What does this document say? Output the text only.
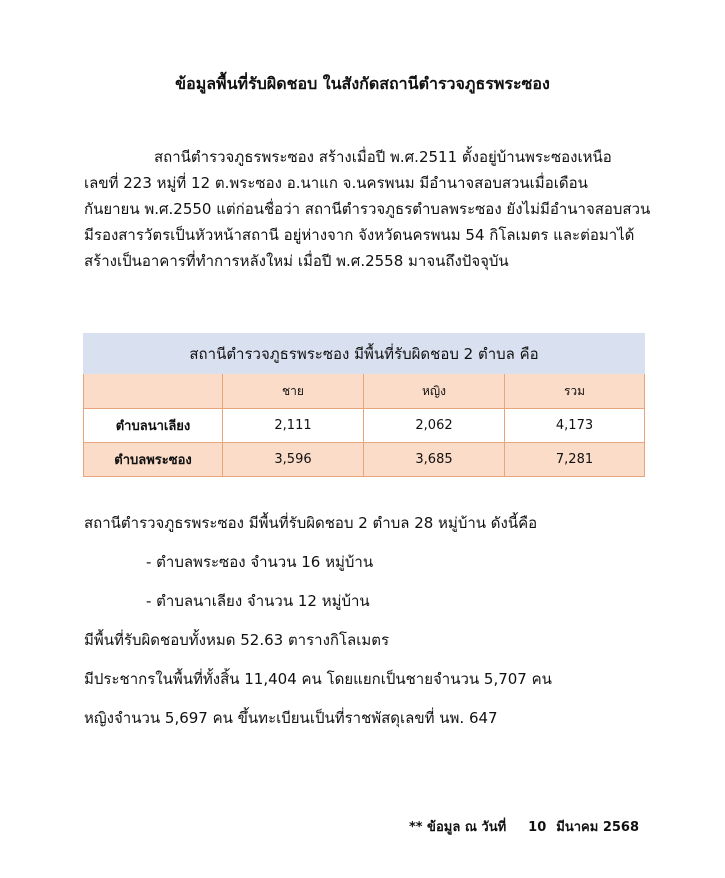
ข้อมูลพื้นที่รับผิดชอบ ในสังกัดสถานีตำรวจภูธรพระซอง
สถานีตำรวจภูธรพระซอง สร้างเมื่อปี พ.ศ.2511 ตั้งอยู่บ้านพระซองเหนือ
เลขที่ 223 หมู่ที่ 12 ต.พระซอง อ.นาแก จ.นครพนม มีอำนาจสอบสวนเมื่อเดือน
กันยายน พ.ศ.2550 แต่ก่อนชื่อว่า สถานีตำรวจภูธรตำบลพระซอง ยังไม่มีอำนาจสอบสวน
มีรองสารวัตรเป็นหัวหน้าสถานี อยู่ห่างจาก จังหวัดนครพนม 54 กิโลเมตร และต่อมาได้
สร้างเป็นอาคารที่ทำการหลังใหม่ เมื่อปี พ.ศ.2558 มาจนถึงปัจจุบัน
สถานีตำรวจภูธรพระซอง มีพื้นที่รับผิดชอบ 2 ตำบล คือ			
	ชาย	หญิง	รวม
ตำบลนาเลียง	2,111	2,062	4,173
ตำบลพระซอง	3,596	3,685	7,281
สถานีตำรวจภูธรพระซอง มีพื้นที่รับผิดชอบ 2 ตำบล 28 หมู่บ้าน ดังนี้คือ
- ตำบลพระซอง จำนวน 16 หมู่บ้าน
- ตำบลนาเลียง จำนวน 12 หมู่บ้าน
มีพื้นที่รับผิดชอบทั้งหมด 52.63 ตารางกิโลเมตร
มีประชากรในพื้นที่ทั้งสิ้น 11,404 คน โดยแยกเป็นชายจำนวน 5,707 คน
หญิงจำนวน 5,697 คน ขึ้นทะเบียนเป็นที่ราชพัสดุเลขที่ นพ. 647
** ข้อมูล ณ วันที่ 10 มีนาคม 2568
